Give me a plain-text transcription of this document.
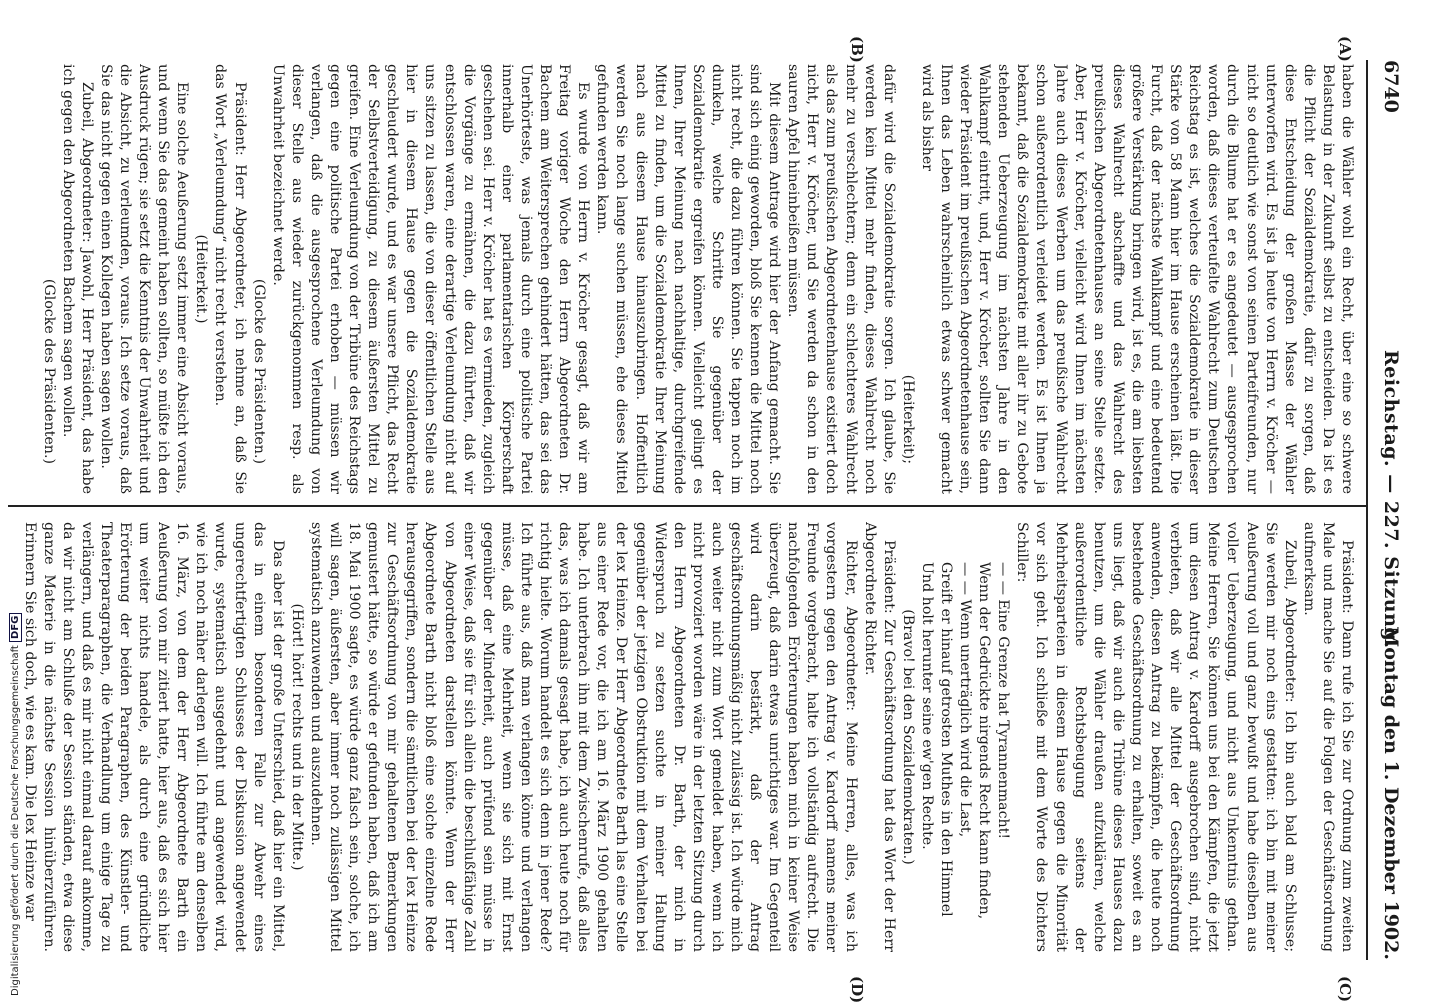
6740
Reichstag. — 227. Sitzung.
Montag den 1. Dezember 1902.
(A)
(B)
(C)
(D)

haben die Wähler wohl ein Recht, über eine so schwere Belastung in der Zukunft selbst zu entscheiden. Da ist es die Pflicht der Sozialdemokratie, dafür zu sorgen, daß diese Entscheidung der großen Masse der Wähler unterworfen wird. Es ist ja heute von Herrn v. Kröcher — nicht so deutlich wie sonst von seinen Parteifreunden, nur durch die Blume hat er es angedeutet — ausgesprochen worden, daß dieses verteufelte Wahlrecht zum Deutschen Reichstag es ist, welches die Sozialdemokratie in dieser Stärke von 58 Mann hier im Hause erscheinen läßt. Die Furcht, daß der nächste Wahlkampf und eine bedeutend größere Verstärkung bringen wird, ist es, die am liebsten dieses Wahlrecht abschaffte und das Wahlrecht des preußischen Abgeordnetenhauses an seine Stelle setzte. Aber, Herr v. Kröcher, vielleicht wird Ihnen im nächsten Jahre auch dieses Werben um das preußische Wahlrecht schon außerordentlich verleidet werden. Es ist Ihnen ja bekannt, daß die Sozialdemokratie mit aller ihr zu Gebote stehenden Ueberzeugung im nächsten Jahre in den Wahlkampf eintritt, und, Herr v. Kröcher, sollten Sie dann wieder Präsident im preußischen Abgeordnetenhause sein, Ihnen das Leben wahrscheinlich etwas schwer gemacht wird als bisher

(Heiterkeit);

dafür wird die Sozialdemokratie sorgen. Ich glaube, Sie werden kein Mittel mehr finden, dieses Wahlrecht noch mehr zu verschlechtern; denn ein schlechteres Wahlrecht als das zum preußischen Abgeordnetenhause existiert doch nicht, Herr v. Kröcher, und Sie werden da schon in den sauren Apfel hineinbeißen müssen.

Mit diesem Antrage wird hier der Anfang gemacht. Sie sind sich einig geworden, bloß Sie kennen die Mittel noch nicht recht, die dazu führen können. Sie tappen noch im dunkeln, welche Schritte Sie gegenüber der Sozialdemokratie ergreifen können. Vielleicht gelingt es Ihnen, Ihrer Meinung nach nachhaltige, durchgreifende Mittel zu finden, um die Sozialdemokratie Ihrer Meinung nach aus diesem Hause hinauszubringen. Hoffentlich werden Sie noch lange suchen müssen, ehe dieses Mittel gefunden werden kann.

Es wurde von Herrn v. Kröcher gesagt, daß wir am Freitag voriger Woche den Herrn Abgeordneten Dr. Bachem am Weitersprechen gehindert hätten, das sei das Unerhörteste, was jemals durch eine politische Partei innerhalb einer parlamentarischen Körperschaft geschehen sei. Herr v. Kröcher hat es vermieden, zugleich die Vorgänge zu ermähnen, die dazu führten, daß wir entschlossen waren, eine derartige Verleumdung nicht auf uns sitzen zu lassen, die von dieser öffentlichen Stelle aus hier in diesem Hause gegen die Sozialdemokratie geschleudert wurde, und es war unsere Pflicht, das Recht der Selbstverteidigung, zu diesem äußersten Mittel zu greifen. Eine Verleumdung von der Tribüne des Reichstags gegen eine politische Partei erhoben — müssen wir verlangen, daß die ausgesprochene Verleumdung von dieser Stelle aus wieder zurückgenommen resp. als Unwahrheit bezeichnet werde.

(Glocke des Präsidenten.)

Präsident: Herr Abgeordneter, ich nehme an, daß Sie das Wort „Verleumdung“ nicht recht verstehen.

(Heiterkeit.)

Eine solche Aeußerung setzt immer eine Absicht voraus, und wenn Sie das gemeint haben sollten, so müßte ich den Ausdruck rügen; sie setzt die Kenntnis der Unwahrheit und die Absicht, zu verleumden, voraus. Ich setze voraus, daß Sie das nicht gegen einen Kollegen haben sagen wollen.

Zubeil, Abgeordneter: Jawohl, Herr Präsident, das habe ich gegen den Abgeordneten Bachem sagen wollen.

(Glocke des Präsidenten.)

Präsident: Dann rufe ich Sie zur Ordnung zum zweiten Male und mache Sie auf die Folgen der Geschäftsordnung aufmerksam.

Zubeil, Abgeordneter: Ich bin auch bald am Schlusse; Sie werden mir noch eins gestatten: ich bin mit meiner Aeußerung voll und ganz bewußt und habe dieselben aus voller Ueberzeugung, und nicht aus Unkenntnis gethan. Meine Herren, Sie können uns bei den Kämpfen, die jetzt um diesen Antrag v. Kardorff ausgebrochen sind, nicht verbieten, daß wir alle Mittel der Geschäftsordnung anwenden, diesen Antrag zu bekämpfen, die heute noch bestehende Geschäftsordnung zu erhalten, soweit es an uns liegt, daß wir auch die Tribüne dieses Hauses dazu benutzen, um die Wähler draußen aufzuklären, welche außerordentliche Rechtsbeugung seitens der Mehrheitsparteien in diesem Hause gegen die Minorität vor sich geht. Ich schließe mit dem Worte des Dichters Schiller:

— — Eine Grenze hat Tyrannenmacht!

Wenn der Gedrückte nirgends Recht kann finden,

— — Wenn unerträglich wird die Last,

Greift er hinauf getrosten Muthes in den Himmel

Und holt herunter seine ew'gen Rechte.

(Bravo! bei den Sozialdemokraten.)

Präsident: Zur Geschäftsordnung hat das Wort der Herr Abgeordnete Richter.

Richter, Abgeordneter: Meine Herren, alles, was ich vorgestern gegen den Antrag v. Kardorff namens meiner Freunde vorgebracht, halte ich vollständig aufrecht. Die nachfolgenden Erörterungen haben mich in keiner Weise überzeugt, daß darin etwas unrichtiges war. Im Gegenteil wird darin bestärkt, daß der Antrag geschäftsordnungsmäßig nicht zulässig ist. Ich würde mich auch weiter nicht zum Wort gemeldet haben, wenn ich nicht provoziert worden wäre in der letzten Sitzung durch den Herrn Abgeordneten Dr. Barth, der mich in Widerspruch zu setzen suchte in meiner Haltung gegenüber der jetzigen Obstruktion mit dem Verhalten bei der lex Heinze. Der Herr Abgeordnete Barth las eine Stelle aus einer Rede vor, die ich am 16. März 1900 gehalten habe. Ich unterbrach ihn mit dem Zwischenrufe, daß alles das, was ich damals gesagt habe, ich auch heute noch für richtig hielte. Worum handelt es sich denn in jener Rede? Ich führte aus, daß man verlangen könne und verlangen müsse, daß eine Mehrheit, wenn sie sich mit Ernst gegenüber der Minderheit, auch prüfend sein müsse in einer Weise, daß sie für sich allein die beschlußfähige Zahl von Abgeordneten darstellen könnte. Wenn der Herr Abgeordnete Barth nicht bloß eine solche einzelne Rede herausgegriffen, sondern die sämtlichen bei der lex Heinze zur Geschäftsordnung von mir gehaltenen Bemerkungen gemustert hätte, so würde er gefunden haben, daß ich am 18. Mai 1900 sagte, es würde ganz falsch sein, solche, ich will sagen, äußersten, aber immer noch zulässigen Mittel systematisch anzuwenden und auszudehnen.

(Hört! hört! rechts und in der Mitte.)

Das aber ist der große Unterschied, daß hier ein Mittel, das in einem besonderen Falle zur Abwehr eines ungerechtfertigten Schlusses der Diskussion angewendet wurde, systematisch ausgedehnt und angewendet wird, wie ich noch näher darlegen will. Ich führte am denselben 16. März, von dem der Herr Abgeordnete Barth ein Aeußerung von mir zitiert hatte, hier aus, daß es sich hier um weiter nichts handele, als durch eine gründliche Erörterung der beiden Paragraphen, des Künstler- und Theaterparagraphen, die Verhandlung um einige Tage zu verlängern, und daß es mir nicht einmal darauf ankomme, da wir nicht am Schluße der Session ständen, etwa diese ganze Materie in die nächste Session hinüberzuführen. Erinnern Sie sich doch, wie es kam. Die lex Heinze war

Digitalisierung gefördert durch die Deutsche Forschungsgemeinschaft DFG
